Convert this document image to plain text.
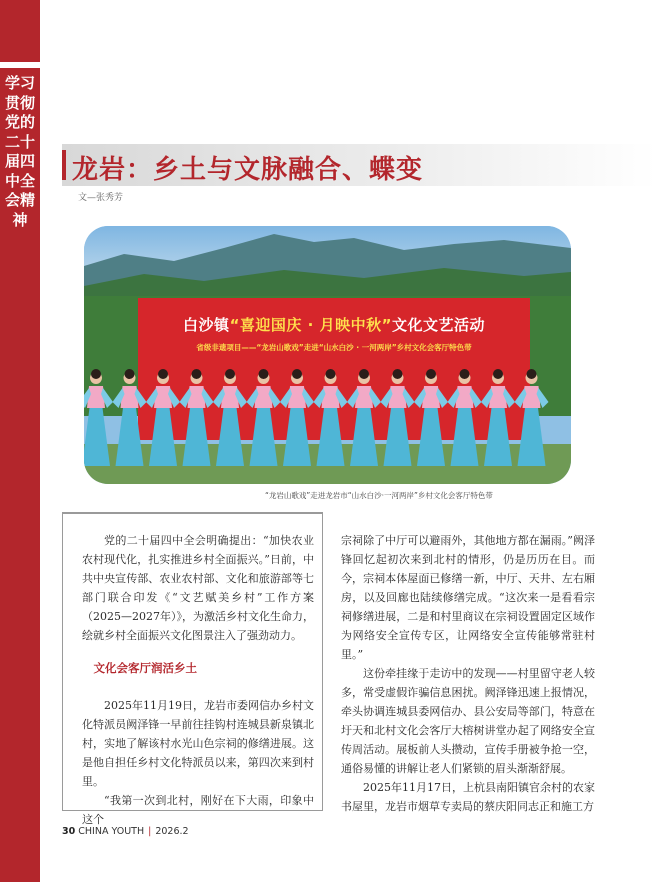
学习贯彻党的二十届四中全会精神
龙岩：乡土与文脉融合、蝶变
文—张秀芳
白沙镇“喜迎国庆 · 月映中秋”文化文艺活动
省级非遗项目——“龙岩山歌戏”走进“山水白沙 · 一河两岸”乡村文化会客厅特色带
“龙岩山歌戏”走进龙岩市“山水白沙·一河两岸”乡村文化会客厅特色带

党的二十届四中全会明确提出：“加快农业农村现代化，扎实推进乡村全面振兴。”日前，中共中央宣传部、农业农村部、文化和旅游部等七部门联合印发《“文艺赋美乡村”工作方案（2025—2027年）》，为激活乡村文化生命力，绘就乡村全面振兴文化图景注入了强劲动力。

文化会客厅润活乡土

2025年11月19日，龙岩市委网信办乡村文化特派员阙泽锋一早前往挂钩村连城县新泉镇北村，实地了解该村水光山色宗祠的修缮进展。这是他自担任乡村文化特派员以来，第四次来到村里。

“我第一次到北村，刚好在下大雨，印象中这个

宗祠除了中厅可以避雨外，其他地方都在漏雨。”阙泽锋回忆起初次来到北村的情形，仍是历历在目。而今，宗祠本体屋面已修缮一新，中厅、天井、左右厢房，以及回廊也陆续修缮完成。“这次来一是看看宗祠修缮进展，二是和村里商议在宗祠设置固定区域作为网络安全宣传专区，让网络安全宣传能够常驻村里。”

这份牵挂缘于走访中的发现——村里留守老人较多，常受虚假诈骗信息困扰。阙泽锋迅速上报情况，牵头协调连城县委网信办、县公安局等部门，特意在圩天和北村文化会客厅大榕树讲堂办起了网络安全宣传周活动。展板前人头攒动，宣传手册被争抢一空，通俗易懂的讲解让老人们紧锁的眉头渐渐舒展。

2025年11月17日，上杭县南阳镇官余村的农家书屋里，龙岩市烟草专卖局的蔡庆阳同志正和施工方

30 CHINA YOUTH | 2026.2
